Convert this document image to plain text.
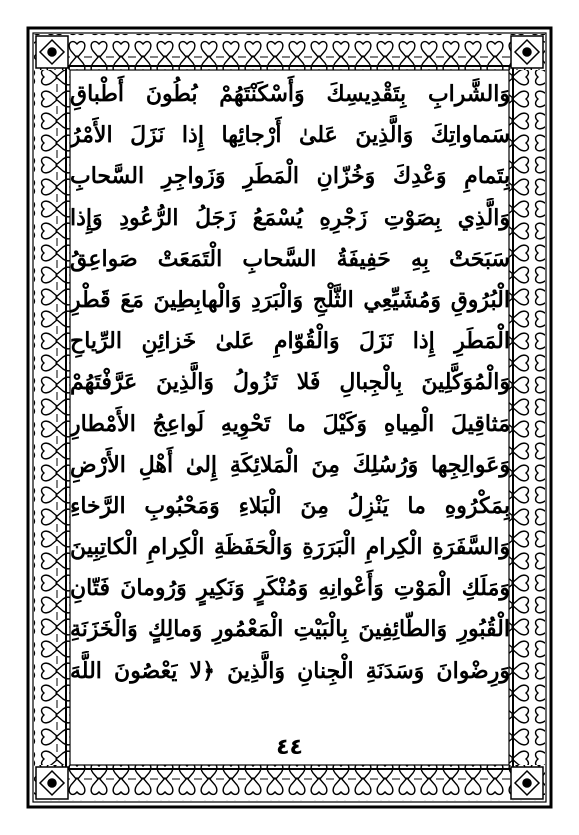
وَالشَّرابِ بِتَقْدِيسِكَ وَأَسْكَنْتَهُمْ بُطُونَ أَطْباقِ
سَماواتِكَ وَالَّذِينَ عَلىٰ أَرْجائِها إِذا نَزَلَ الأَمْرُ
بِتَمامِ وَعْدِكَ وَخُزّانِ الْمَطَرِ وَزَواجِرِ السَّحابِ
وَالَّذِي بِصَوْتِ زَجْرِهِ يُسْمَعُ زَجَلُ الرُّعُودِ وَإِذا
سَبَحَتْ بِهِ حَفِيفَةُ السَّحابِ الْتَمَعَتْ صَواعِقُ
الْبُرُوقِ وَمُشَيِّعِي الثَّلْجِ وَالْبَرَدِ وَالْهابِطِينَ مَعَ قَطْرِ
الْمَطَرِ إِذا نَزَلَ وَالْقُوّامِ عَلىٰ خَزائِنِ الرِّياحِ
وَالْمُوَكَّلِينَ بِالْجِبالِ فَلا تَزُولُ وَالَّذِينَ عَرَّفْتَهُمْ
مَثاقِيلَ الْمِياهِ وَكَيْلَ ما تَحْوِيهِ لَواعِجُ الأَمْطارِ
وَعَوالِجِها وَرُسُلِكَ مِنَ الْمَلائِكَةِ إِلىٰ أَهْلِ الأَرْضِ
بِمَكْرُوهِ ما يَنْزِلُ مِنَ الْبَلاءِ وَمَحْبُوبِ الرَّخاءِ
وَالسَّفَرَةِ الْكِرامِ الْبَرَرَةِ وَالْحَفَظَةِ الْكِرامِ الْكاتِبِينَ
وَمَلَكِ الْمَوْتِ وَأَعْوانِهِ وَمُنْكَرٍ وَنَكِيرٍ وَرُومانَ فَتّانِ
الْقُبُورِ وَالطّائِفِينَ بِالْبَيْتِ الْمَعْمُورِ وَمالِكٍ وَالْخَزَنَةِ
وَرِضْوانَ وَسَدَنَةِ الْجِنانِ وَالَّذِينَ ﴿لا يَعْصُونَ اللَّهَ
٤٤
